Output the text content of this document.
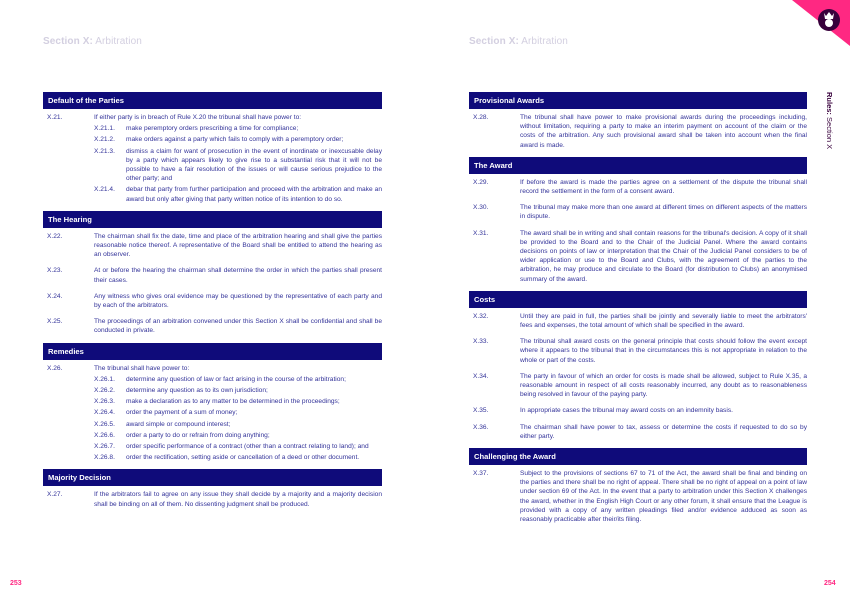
Section X: Arbitration	Section X: Arbitration
Default of the Parties
X.21.	If either party is in breach of Rule X.20 the tribunal shall have power to:
X.21.1.	make peremptory orders prescribing a time for compliance;
X.21.2.	make orders against a party which fails to comply with a peremptory order;
X.21.3.	dismiss a claim for want of prosecution in the event of inordinate or inexcusable delay by a party which appears likely to give rise to a substantial risk that it will not be possible to have a fair resolution of the issues or will cause serious prejudice to the other party; and
X.21.4.	debar that party from further participation and proceed with the arbitration and make an award but only after giving that party written notice of its intention to do so.
The Hearing
X.22.	The chairman shall fix the date, time and place of the arbitration hearing and shall give the parties reasonable notice thereof. A representative of the Board shall be entitled to attend the hearing as an observer.
X.23.	At or before the hearing the chairman shall determine the order in which the parties shall present their cases.
X.24.	Any witness who gives oral evidence may be questioned by the representative of each party and by each of the arbitrators.
X.25.	The proceedings of an arbitration convened under this Section X shall be confidential and shall be conducted in private.
Remedies
X.26.	The tribunal shall have power to:
X.26.1.	determine any question of law or fact arising in the course of the arbitration;
X.26.2.	determine any question as to its own jurisdiction;
X.26.3.	make a declaration as to any matter to be determined in the proceedings;
X.26.4.	order the payment of a sum of money;
X.26.5.	award simple or compound interest;
X.26.6.	order a party to do or refrain from doing anything;
X.26.7.	order specific performance of a contract (other than a contract relating to land); and
X.26.8.	order the rectification, setting aside or cancellation of a deed or other document.
Majority Decision
X.27.	If the arbitrators fail to agree on any issue they shall decide by a majority and a majority decision shall be binding on all of them. No dissenting judgment shall be produced.
Provisional Awards
X.28.	The tribunal shall have power to make provisional awards during the proceedings including, without limitation, requiring a party to make an interim payment on account of the claim or the costs of the arbitration. Any such provisional award shall be taken into account when the final award is made.
The Award
X.29.	If before the award is made the parties agree on a settlement of the dispute the tribunal shall record the settlement in the form of a consent award.
X.30.	The tribunal may make more than one award at different times on different aspects of the matters in dispute.
X.31.	The award shall be in writing and shall contain reasons for the tribunal's decision. A copy of it shall be provided to the Board and to the Chair of the Judicial Panel. Where the award contains decisions on points of law or interpretation that the Chair of the Judicial Panel considers to be of wider application or use to the Board and Clubs, with the agreement of the parties to the arbitration, he may produce and circulate to the Board (for distribution to Clubs) an anonymised summary of the award.
Costs
X.32.	Until they are paid in full, the parties shall be jointly and severally liable to meet the arbitrators' fees and expenses, the total amount of which shall be specified in the award.
X.33.	The tribunal shall award costs on the general principle that costs should follow the event except where it appears to the tribunal that in the circumstances this is not appropriate in relation to the whole or part of the costs.
X.34.	The party in favour of which an order for costs is made shall be allowed, subject to Rule X.35, a reasonable amount in respect of all costs reasonably incurred, any doubt as to reasonableness being resolved in favour of the paying party.
X.35.	In appropriate cases the tribunal may award costs on an indemnity basis.
X.36.	The chairman shall have power to tax, assess or determine the costs if requested to do so by either party.
Challenging the Award
X.37.	Subject to the provisions of sections 67 to 71 of the Act, the award shall be final and binding on the parties and there shall be no right of appeal. There shall be no right of appeal on a point of law under section 69 of the Act. In the event that a party to arbitration under this Section X challenges the award, whether in the English High Court or any other forum, it shall ensure that the League is provided with a copy of any written pleadings filed and/or evidence adduced as soon as reasonably practicable after their/its filing.
Rules: Section X
253	254
